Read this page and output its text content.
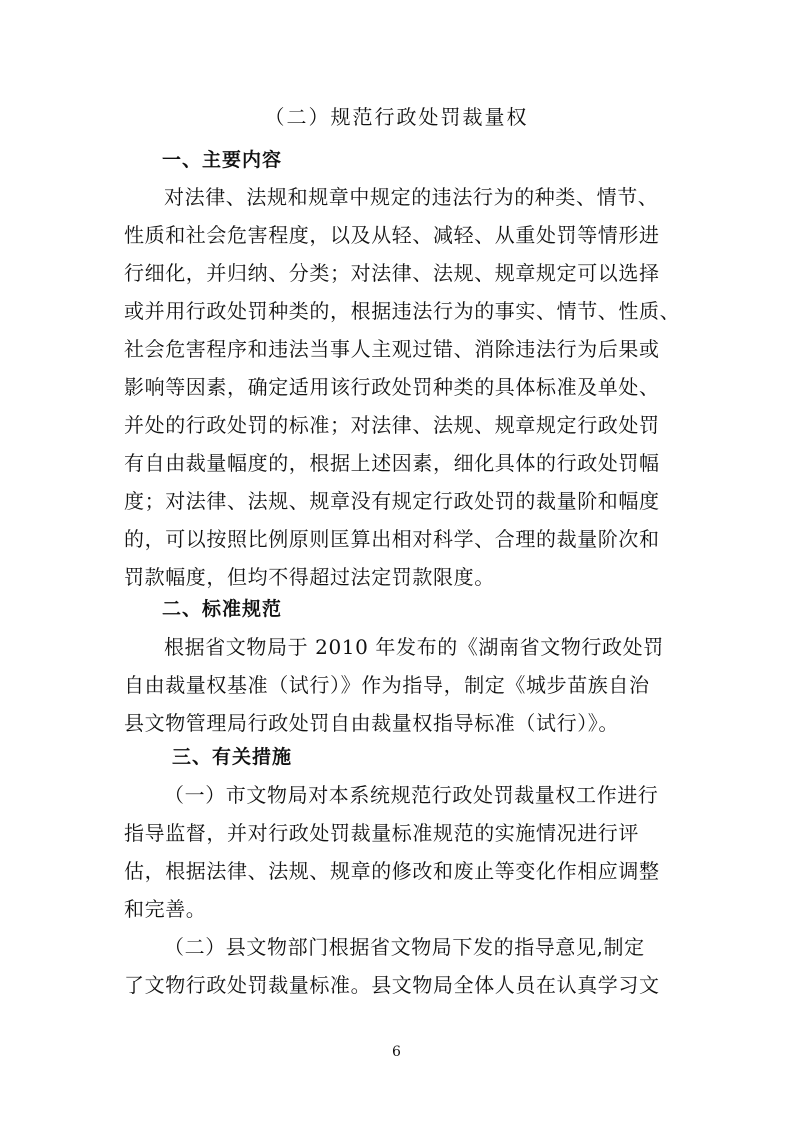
（二）规范行政处罚裁量权
一、主要内容
对法律、法规和规章中规定的违法行为的种类、情节、
性质和社会危害程度，以及从轻、减轻、从重处罚等情形进
行细化，并归纳、分类；对法律、法规、规章规定可以选择
或并用行政处罚种类的，根据违法行为的事实、情节、性质、
社会危害程序和违法当事人主观过错、消除违法行为后果或
影响等因素，确定适用该行政处罚种类的具体标准及单处、
并处的行政处罚的标准；对法律、法规、规章规定行政处罚
有自由裁量幅度的，根据上述因素，细化具体的行政处罚幅
度；对法律、法规、规章没有规定行政处罚的裁量阶和幅度
的，可以按照比例原则匡算出相对科学、合理的裁量阶次和
罚款幅度，但均不得超过法定罚款限度。
二、标准规范
根据省文物局于 2010 年发布的《湖南省文物行政处罚
自由裁量权基准（试行）》作为指导，制定《城步苗族自治
县文物管理局行政处罚自由裁量权指导标准（试行）》。
三、有关措施
（一）市文物局对本系统规范行政处罚裁量权工作进行
指导监督，并对行政处罚裁量标准规范的实施情况进行评
估，根据法律、法规、规章的修改和废止等变化作相应调整
和完善。
（二）县文物部门根据省文物局下发的指导意见,制定
了文物行政处罚裁量标准。县文物局全体人员在认真学习文
6
